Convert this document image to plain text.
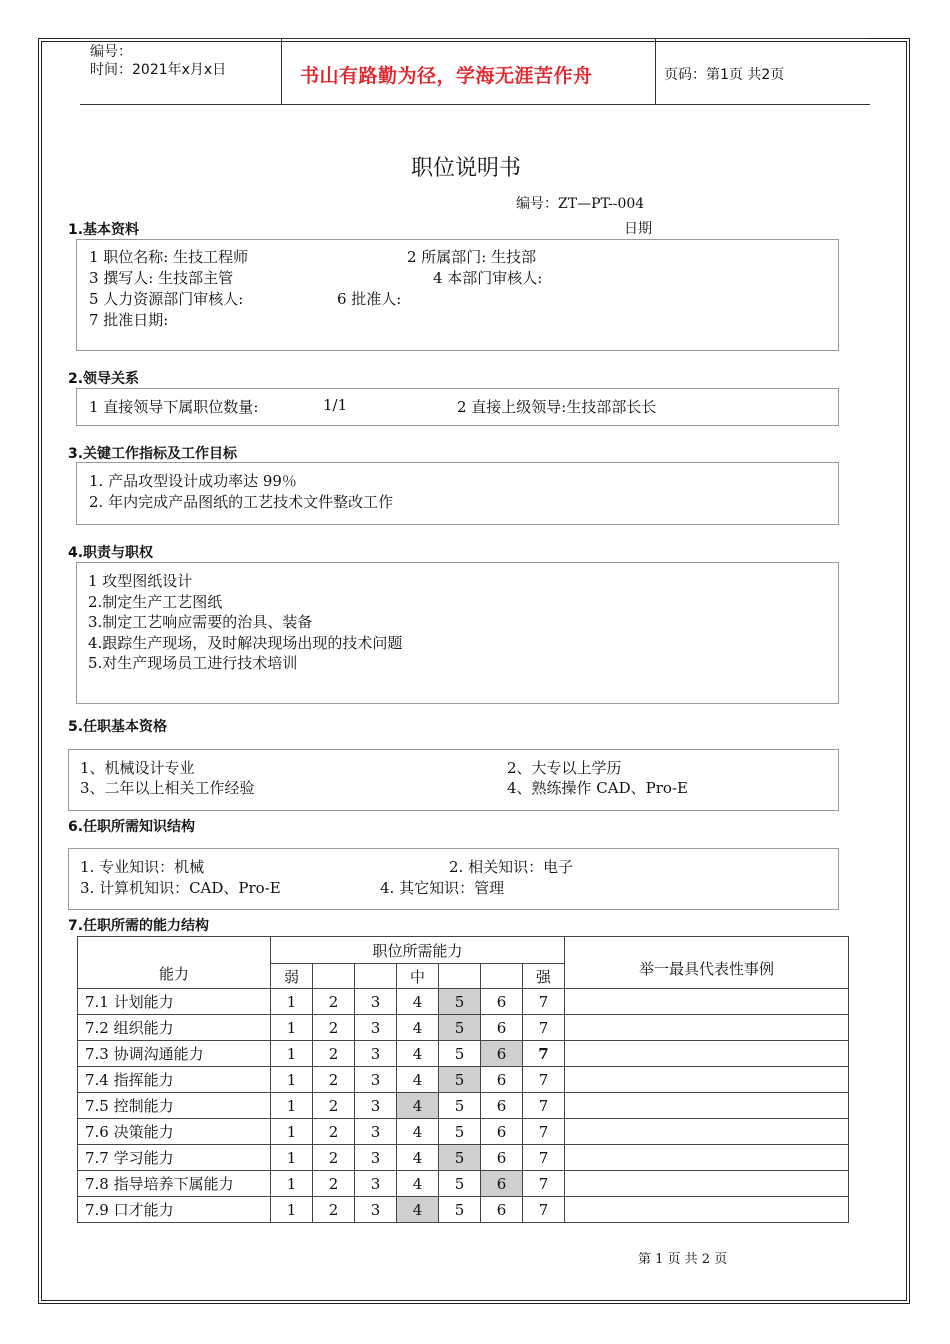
编号：
时间：2021年x月x日	书山有路勤为径，学海无涯苦作舟	页码：第1页 共2页
职位说明书
编号：ZT—PT--004
日期
1.基本资料
1 职位名称: 生技工程师	2 所属部门: 生技部
3 撰写人: 生技部主管	4 本部门审核人:
5 人力资源部门审核人:	6 批准人:
7 批准日期:
2.领导关系
1 直接领导下属职位数量:	1/1	2 直接上级领导:生技部部长长
3.关键工作指标及工作目标
1. 产品攻型设计成功率达 99％
2. 年内完成产品图纸的工艺技术文件整改工作
4.职责与职权
1 攻型图纸设计
2.制定生产工艺图纸
3.制定工艺响应需要的治具、装备
4.跟踪生产现场，及时解决现场出现的技术问题
5.对生产现场员工进行技术培训
5.任职基本资格
1、机械设计专业	2、大专以上学历
3、二年以上相关工作经验	4、熟练操作 CAD、Pro-E
6.任职所需知识结构
1. 专业知识：机械	2. 相关知识：电子
3. 计算机知识：CAD、Pro-E	4. 其它知识：管理
7.任职所需的能力结构
能力	职位所需能力							举一最具代表性事例
	弱			中			强	
7.1 计划能力	1	2	3	4	5	6	7	
7.2 组织能力	1	2	3	4	5	6	7	
7.3 协调沟通能力	1	2	3	4	5	6	7	
7.4 指挥能力	1	2	3	4	5	6	7	
7.5 控制能力	1	2	3	4	5	6	7	
7.6 决策能力	1	2	3	4	5	6	7	
7.7 学习能力	1	2	3	4	5	6	7	
7.8 指导培养下属能力	1	2	3	4	5	6	7	
7.9 口才能力	1	2	3	4	5	6	7	
第 1 页 共 2 页
